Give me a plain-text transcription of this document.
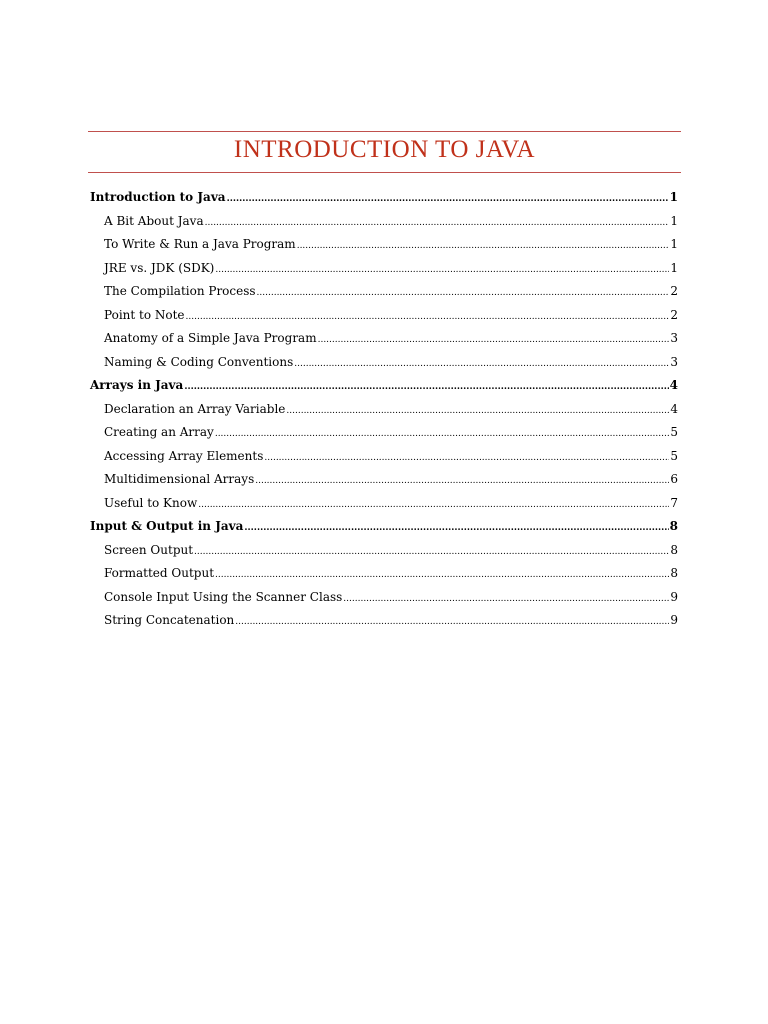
INTRODUCTION TO JAVA
Introduction to Java .....	1
A Bit About Java .....	1
To Write & Run a Java Program .....	1
JRE vs. JDK (SDK) .....	1
The Compilation Process .....	2
Point to Note .....	2
Anatomy of a Simple Java Program .....	3
Naming & Coding Conventions .....	3
Arrays in Java .....	4
Declaration an Array Variable .....	4
Creating an Array .....	5
Accessing Array Elements .....	5
Multidimensional Arrays .....	6
Useful to Know .....	7
Input & Output in Java .....	8
Screen Output .....	8
Formatted Output .....	8
Console Input Using the Scanner Class .....	9
String Concatenation .....	9
